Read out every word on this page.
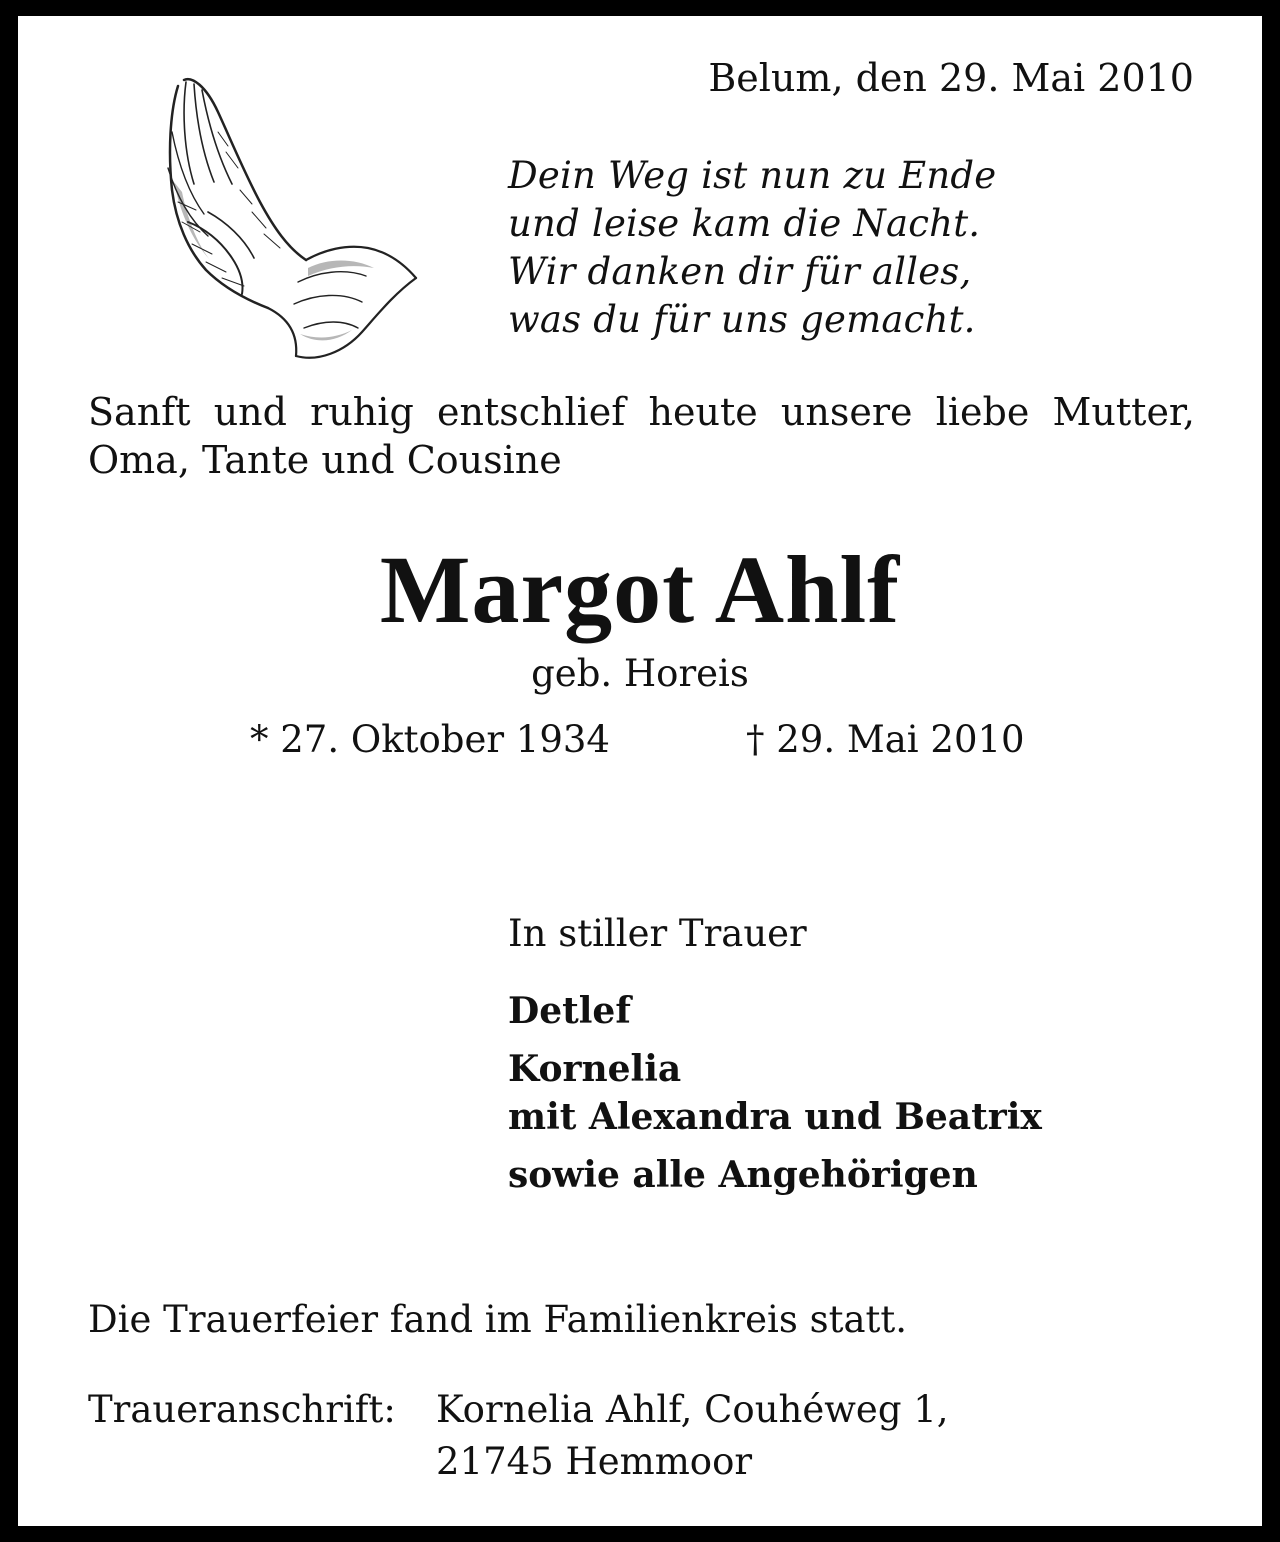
Belum, den 29. Mai 2010
Dein Weg ist nun zu Ende
und leise kam die Nacht.
Wir danken dir für alles,
was du für uns gemacht.
Sanft und ruhig entschlief heute unsere liebe Mutter,
Oma, Tante und Cousine
Margot Ahlf
geb. Horeis
* 27. Oktober 1934	† 29. Mai 2010
In stiller Trauer
Detlef
Kornelia
mit Alexandra und Beatrix
sowie alle Angehörigen
Die Trauerfeier fand im Familienkreis statt.
Traueranschrift: Kornelia Ahlf, Couhéweg 1,
21745 Hemmoor
